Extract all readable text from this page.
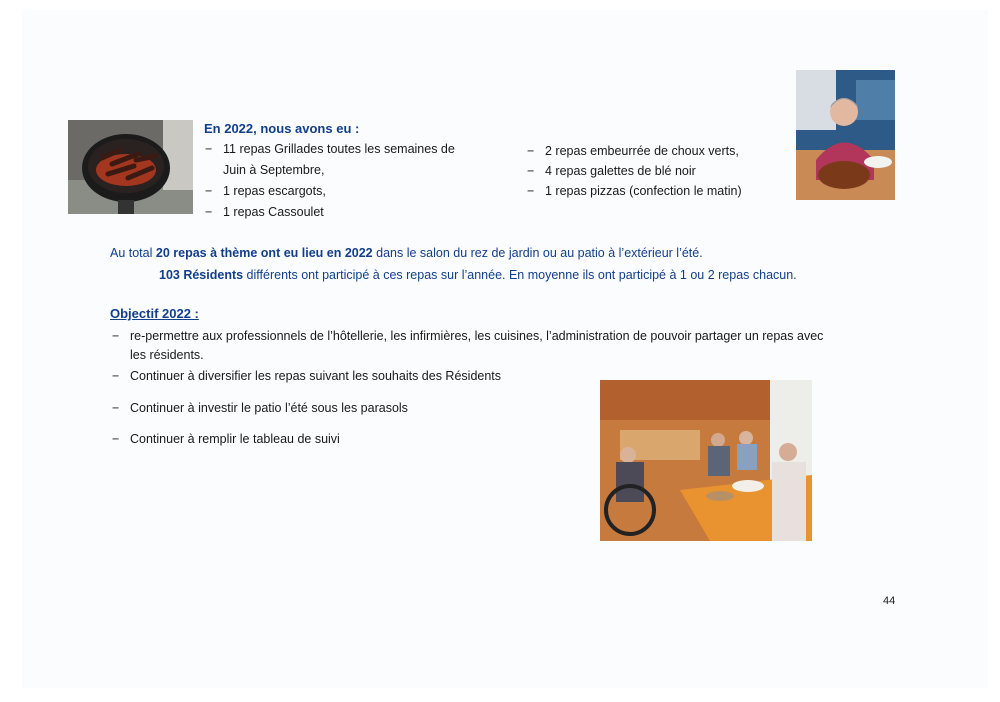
En 2022, nous avons eu :
− 11 repas Grillades toutes les semaines de
Juin à Septembre,
− 1 repas escargots,
− 1 repas Cassoulet
− 2 repas embeurrée de choux verts,
− 4 repas galettes de blé noir
− 1 repas pizzas (confection le matin)
Au total 20 repas à thème ont eu lieu en 2022 dans le salon du rez de jardin ou au patio à l’extérieur l’été.
103 Résidents différents ont participé à ces repas sur l’année. En moyenne ils ont participé à 1 ou 2 repas chacun.
Objectif 2022 :
− re-permettre aux professionnels de l’hôtellerie, les infirmières, les cuisines, l’administration de pouvoir partager un repas avec
les résidents.
− Continuer à diversifier les repas suivant les souhaits des Résidents
− Continuer à investir le patio l’été sous les parasols
− Continuer à remplir le tableau de suivi
44
